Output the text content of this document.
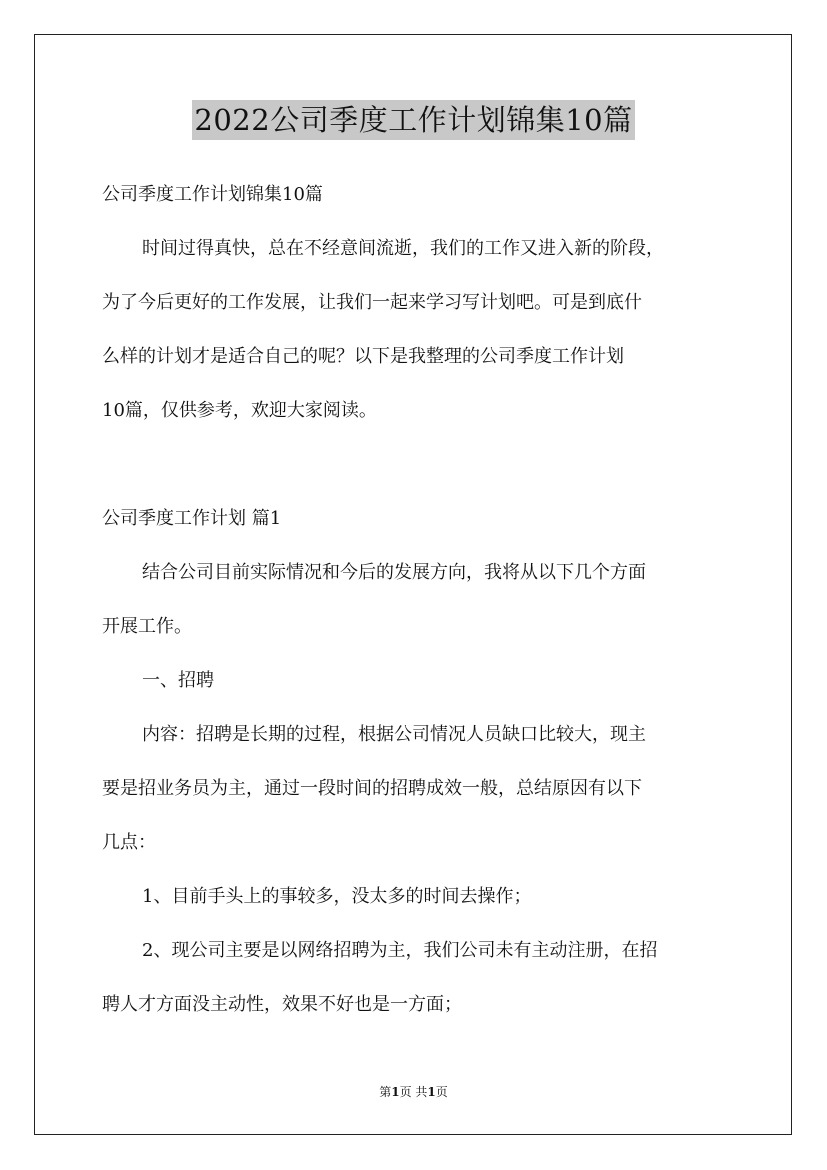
2022公司季度工作计划锦集10篇
公司季度工作计划锦集10篇
时间过得真快，总在不经意间流逝，我们的工作又进入新的阶段，
为了今后更好的工作发展，让我们一起来学习写计划吧。可是到底什
么样的计划才是适合自己的呢？以下是我整理的公司季度工作计划
10篇，仅供参考，欢迎大家阅读。
公司季度工作计划 篇1
结合公司目前实际情况和今后的发展方向，我将从以下几个方面
开展工作。
一、招聘
内容：招聘是长期的过程，根据公司情况人员缺口比较大，现主
要是招业务员为主，通过一段时间的招聘成效一般，总结原因有以下
几点：
1、目前手头上的事较多，没太多的时间去操作；
2、现公司主要是以网络招聘为主，我们公司未有主动注册，在招
聘人才方面没主动性，效果不好也是一方面；
第1页 共1页
